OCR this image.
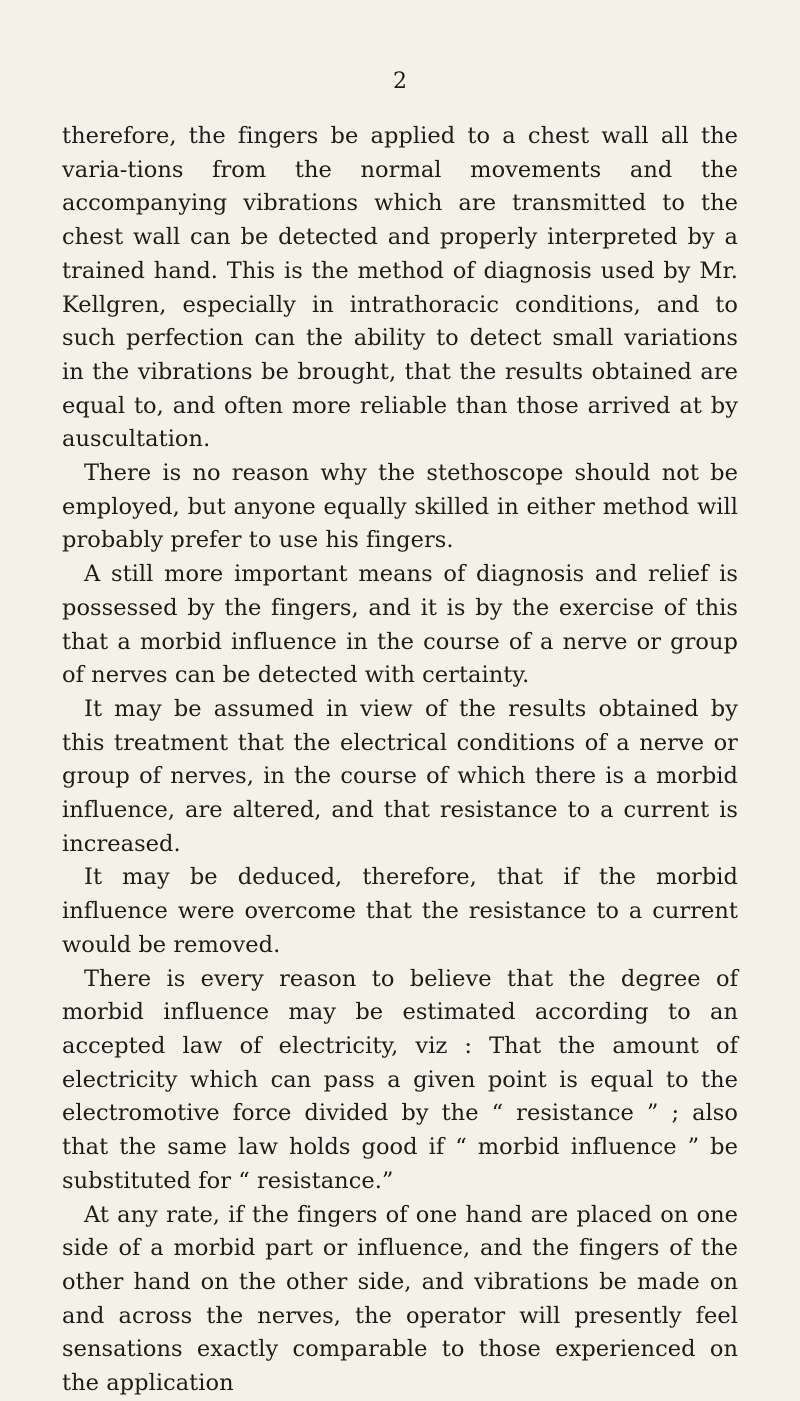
2

therefore, the fingers be applied to a chest wall all the varia-tions from the normal movements and the accompanying vibrations which are transmitted to the chest wall can be detected and properly interpreted by a trained hand. This is the method of diagnosis used by Mr. Kellgren, especially in intrathoracic conditions, and to such perfection can the ability to detect small variations in the vibrations be brought, that the results obtained are equal to, and often more reliable than those arrived at by auscultation.

There is no reason why the stethoscope should not be employed, but anyone equally skilled in either method will probably prefer to use his fingers.

A still more important means of diagnosis and relief is possessed by the fingers, and it is by the exercise of this that a morbid influence in the course of a nerve or group of nerves can be detected with certainty.

It may be assumed in view of the results obtained by this treatment that the electrical conditions of a nerve or group of nerves, in the course of which there is a morbid influence, are altered, and that resistance to a current is increased.

It may be deduced, therefore, that if the morbid influence were overcome that the resistance to a current would be removed.

There is every reason to believe that the degree of morbid influence may be estimated according to an accepted law of electricity, viz : That the amount of electricity which can pass a given point is equal to the electromotive force divided by the “ resistance ” ; also that the same law holds good if “ morbid influence ” be substituted for “ resistance.”

At any rate, if the fingers of one hand are placed on one side of a morbid part or influence, and the fingers of the other hand on the other side, and vibrations be made on and across the nerves, the operator will presently feel sensations exactly comparable to those experienced on the application
